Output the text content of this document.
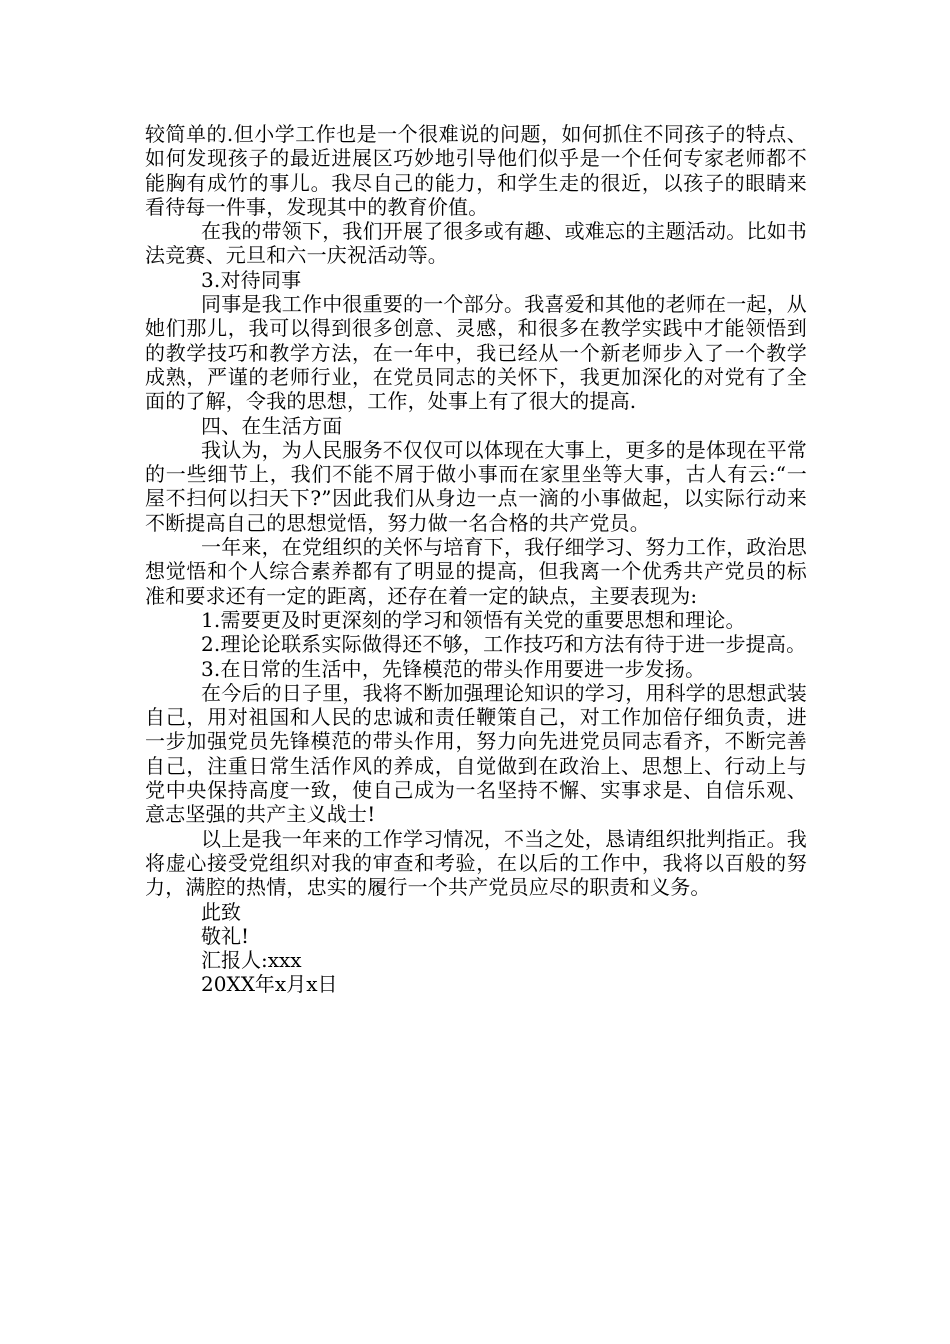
较简单的.但小学工作也是一个很难说的问题，如何抓住不同孩子的特点、如何发现孩子的最近进展区巧妙地引导他们似乎是一个任何专家老师都不能胸有成竹的事儿。我尽自己的能力，和学生走的很近，以孩子的眼睛来看待每一件事，发现其中的教育价值。

在我的带领下，我们开展了很多或有趣、或难忘的主题活动。比如书法竞赛、元旦和六一庆祝活动等。

3.对待同事

同事是我工作中很重要的一个部分。我喜爱和其他的老师在一起，从她们那儿，我可以得到很多创意、灵感，和很多在教学实践中才能领悟到的教学技巧和教学方法，在一年中，我已经从一个新老师步入了一个教学成熟，严谨的老师行业，在党员同志的关怀下，我更加深化的对党有了全面的了解，令我的思想，工作，处事上有了很大的提高.

四、在生活方面

我认为，为人民服务不仅仅可以体现在大事上，更多的是体现在平常的一些细节上，我们不能不屑于做小事而在家里坐等大事，古人有云:“一屋不扫何以扫天下?”因此我们从身边一点一滴的小事做起，以实际行动来不断提高自己的思想觉悟，努力做一名合格的共产党员。

一年来，在党组织的关怀与培育下，我仔细学习、努力工作，政治思想觉悟和个人综合素养都有了明显的提高，但我离一个优秀共产党员的标准和要求还有一定的距离，还存在着一定的缺点，主要表现为:

1.需要更及时更深刻的学习和领悟有关党的重要思想和理论。

2.理论论联系实际做得还不够，工作技巧和方法有待于进一步提高。

3.在日常的生活中，先锋模范的带头作用要进一步发扬。

在今后的日子里，我将不断加强理论知识的学习，用科学的思想武装自己，用对祖国和人民的忠诚和责任鞭策自己，对工作加倍仔细负责，进一步加强党员先锋模范的带头作用，努力向先进党员同志看齐，不断完善自己，注重日常生活作风的养成，自觉做到在政治上、思想上、行动上与党中央保持高度一致，使自己成为一名坚持不懈、实事求是、自信乐观、意志坚强的共产主义战士!

以上是我一年来的工作学习情况，不当之处，恳请组织批判指正。我将虚心接受党组织对我的审查和考验，在以后的工作中，我将以百般的努力，满腔的热情，忠实的履行一个共产党员应尽的职责和义务。

此致

敬礼!

汇报人:xxx

20XX年x月x日
